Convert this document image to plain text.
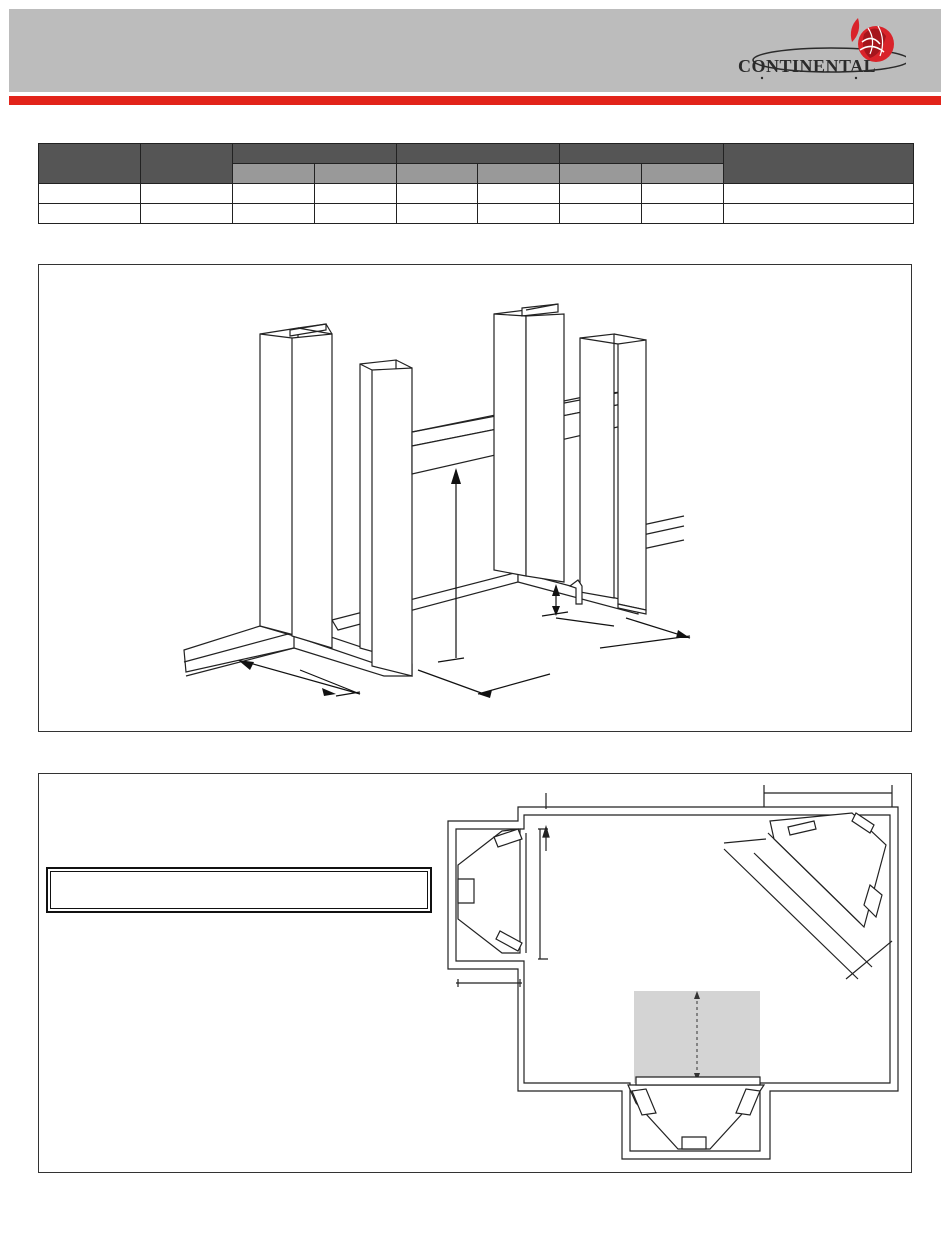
CONTINENTAL
